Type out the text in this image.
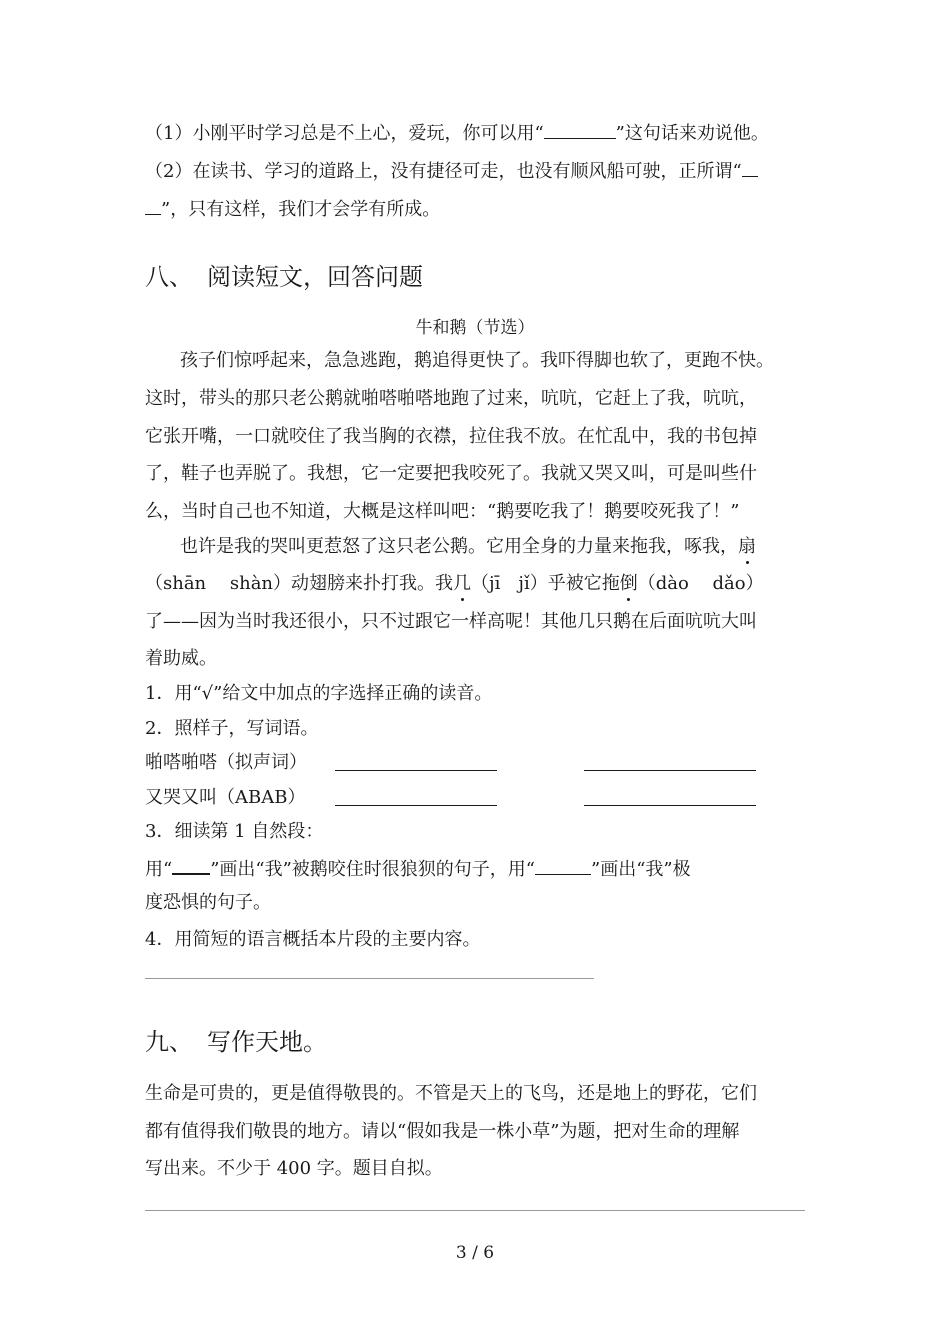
（1）小刚平时学习总是不上心，爱玩，你可以用“	”这句话来劝说他。
（2）在读书、学习的道路上，没有捷径可走，也没有顺风船可驶，正所谓“
”，只有这样，我们才会学有所成。
八、 阅读短文，回答问题
牛和鹅（节选）
孩子们惊呼起来，急急逃跑，鹅追得更快了。我吓得脚也软了，更跑不快。
这时，带头的那只老公鹅就啪嗒啪嗒地跑了过来，吭吭，它赶上了我，吭吭，
它张开嘴，一口就咬住了我当胸的衣襟，拉住我不放。在忙乱中，我的书包掉
了，鞋子也弄脱了。我想，它一定要把我咬死了。我就又哭又叫，可是叫些什
么，当时自己也不知道，大概是这样叫吧：“鹅要吃我了！鹅要咬死我了！”
也许是我的哭叫更惹怒了这只老公鹅。它用全身的力量来拖我，啄我，扇
（shān　 shàn）动翅膀来扑打我。我几（jī　jǐ）乎被它拖倒（dào　 dǎo）
了——因为当时我还很小，只不过跟它一样高呢！其他几只鹅在后面吭吭大叫
着助威。
1．用“√”给文中加点的字选择正确的读音。
2．照样子，写词语。
啪嗒啪嗒（拟声词）
又哭又叫（ABAB）
3．细读第 1 自然段：
用“ ”画出“我”被鹅咬住时很狼狈的句子，用“	”画出“我”极
度恐惧的句子。
4．用简短的语言概括本片段的主要内容。
九、 写作天地。
生命是可贵的，更是值得敬畏的。不管是天上的飞鸟，还是地上的野花，它们
都有值得我们敬畏的地方。请以“假如我是一株小草”为题，把对生命的理解
写出来。不少于 400 字。题目自拟。
3 / 6
